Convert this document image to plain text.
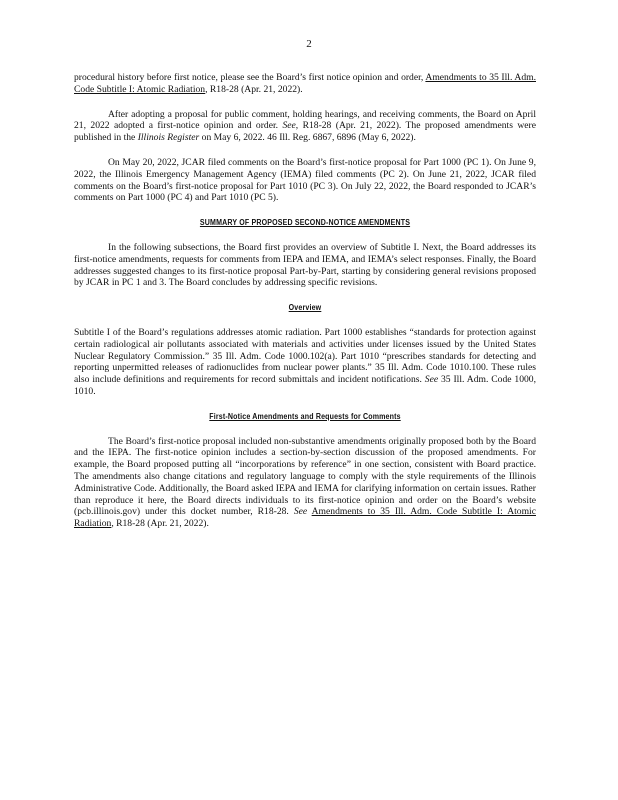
2

procedural history before first notice, please see the Board’s first notice opinion and order, Amendments to 35 Ill. Adm. Code Subtitle I: Atomic Radiation, R18-28 (Apr. 21, 2022).

After adopting a proposal for public comment, holding hearings, and receiving comments, the Board on April 21, 2022 adopted a first-notice opinion and order. See, R18-28 (Apr. 21, 2022). The proposed amendments were published in the Illinois Register on May 6, 2022. 46 Ill. Reg. 6867, 6896 (May 6, 2022).

On May 20, 2022, JCAR filed comments on the Board’s first-notice proposal for Part 1000 (PC 1). On June 9, 2022, the Illinois Emergency Management Agency (IEMA) filed comments (PC 2). On June 21, 2022, JCAR filed comments on the Board’s first-notice proposal for Part 1010 (PC 3). On July 22, 2022, the Board responded to JCAR’s comments on Part 1000 (PC 4) and Part 1010 (PC 5).

SUMMARY OF PROPOSED SECOND-NOTICE AMENDMENTS

In the following subsections, the Board first provides an overview of Subtitle I. Next, the Board addresses its first-notice amendments, requests for comments from IEPA and IEMA, and IEMA’s select responses. Finally, the Board addresses suggested changes to its first-notice proposal Part-by-Part, starting by considering general revisions proposed by JCAR in PC 1 and 3. The Board concludes by addressing specific revisions.

Overview

Subtitle I of the Board’s regulations addresses atomic radiation. Part 1000 establishes “standards for protection against certain radiological air pollutants associated with materials and activities under licenses issued by the United States Nuclear Regulatory Commission.” 35 Ill. Adm. Code 1000.102(a). Part 1010 “prescribes standards for detecting and reporting unpermitted releases of radionuclides from nuclear power plants.” 35 Ill. Adm. Code 1010.100. These rules also include definitions and requirements for record submittals and incident notifications. See 35 Ill. Adm. Code 1000, 1010.

First-Notice Amendments and Requests for Comments

The Board’s first-notice proposal included non-substantive amendments originally proposed both by the Board and the IEPA. The first-notice opinion includes a section-by-section discussion of the proposed amendments. For example, the Board proposed putting all “incorporations by reference” in one section, consistent with Board practice. The amendments also change citations and regulatory language to comply with the style requirements of the Illinois Administrative Code. Additionally, the Board asked IEPA and IEMA for clarifying information on certain issues. Rather than reproduce it here, the Board directs individuals to its first-notice opinion and order on the Board’s website (pcb.illinois.gov) under this docket number, R18-28. See Amendments to 35 Ill. Adm. Code Subtitle I: Atomic Radiation, R18-28 (Apr. 21, 2022).
